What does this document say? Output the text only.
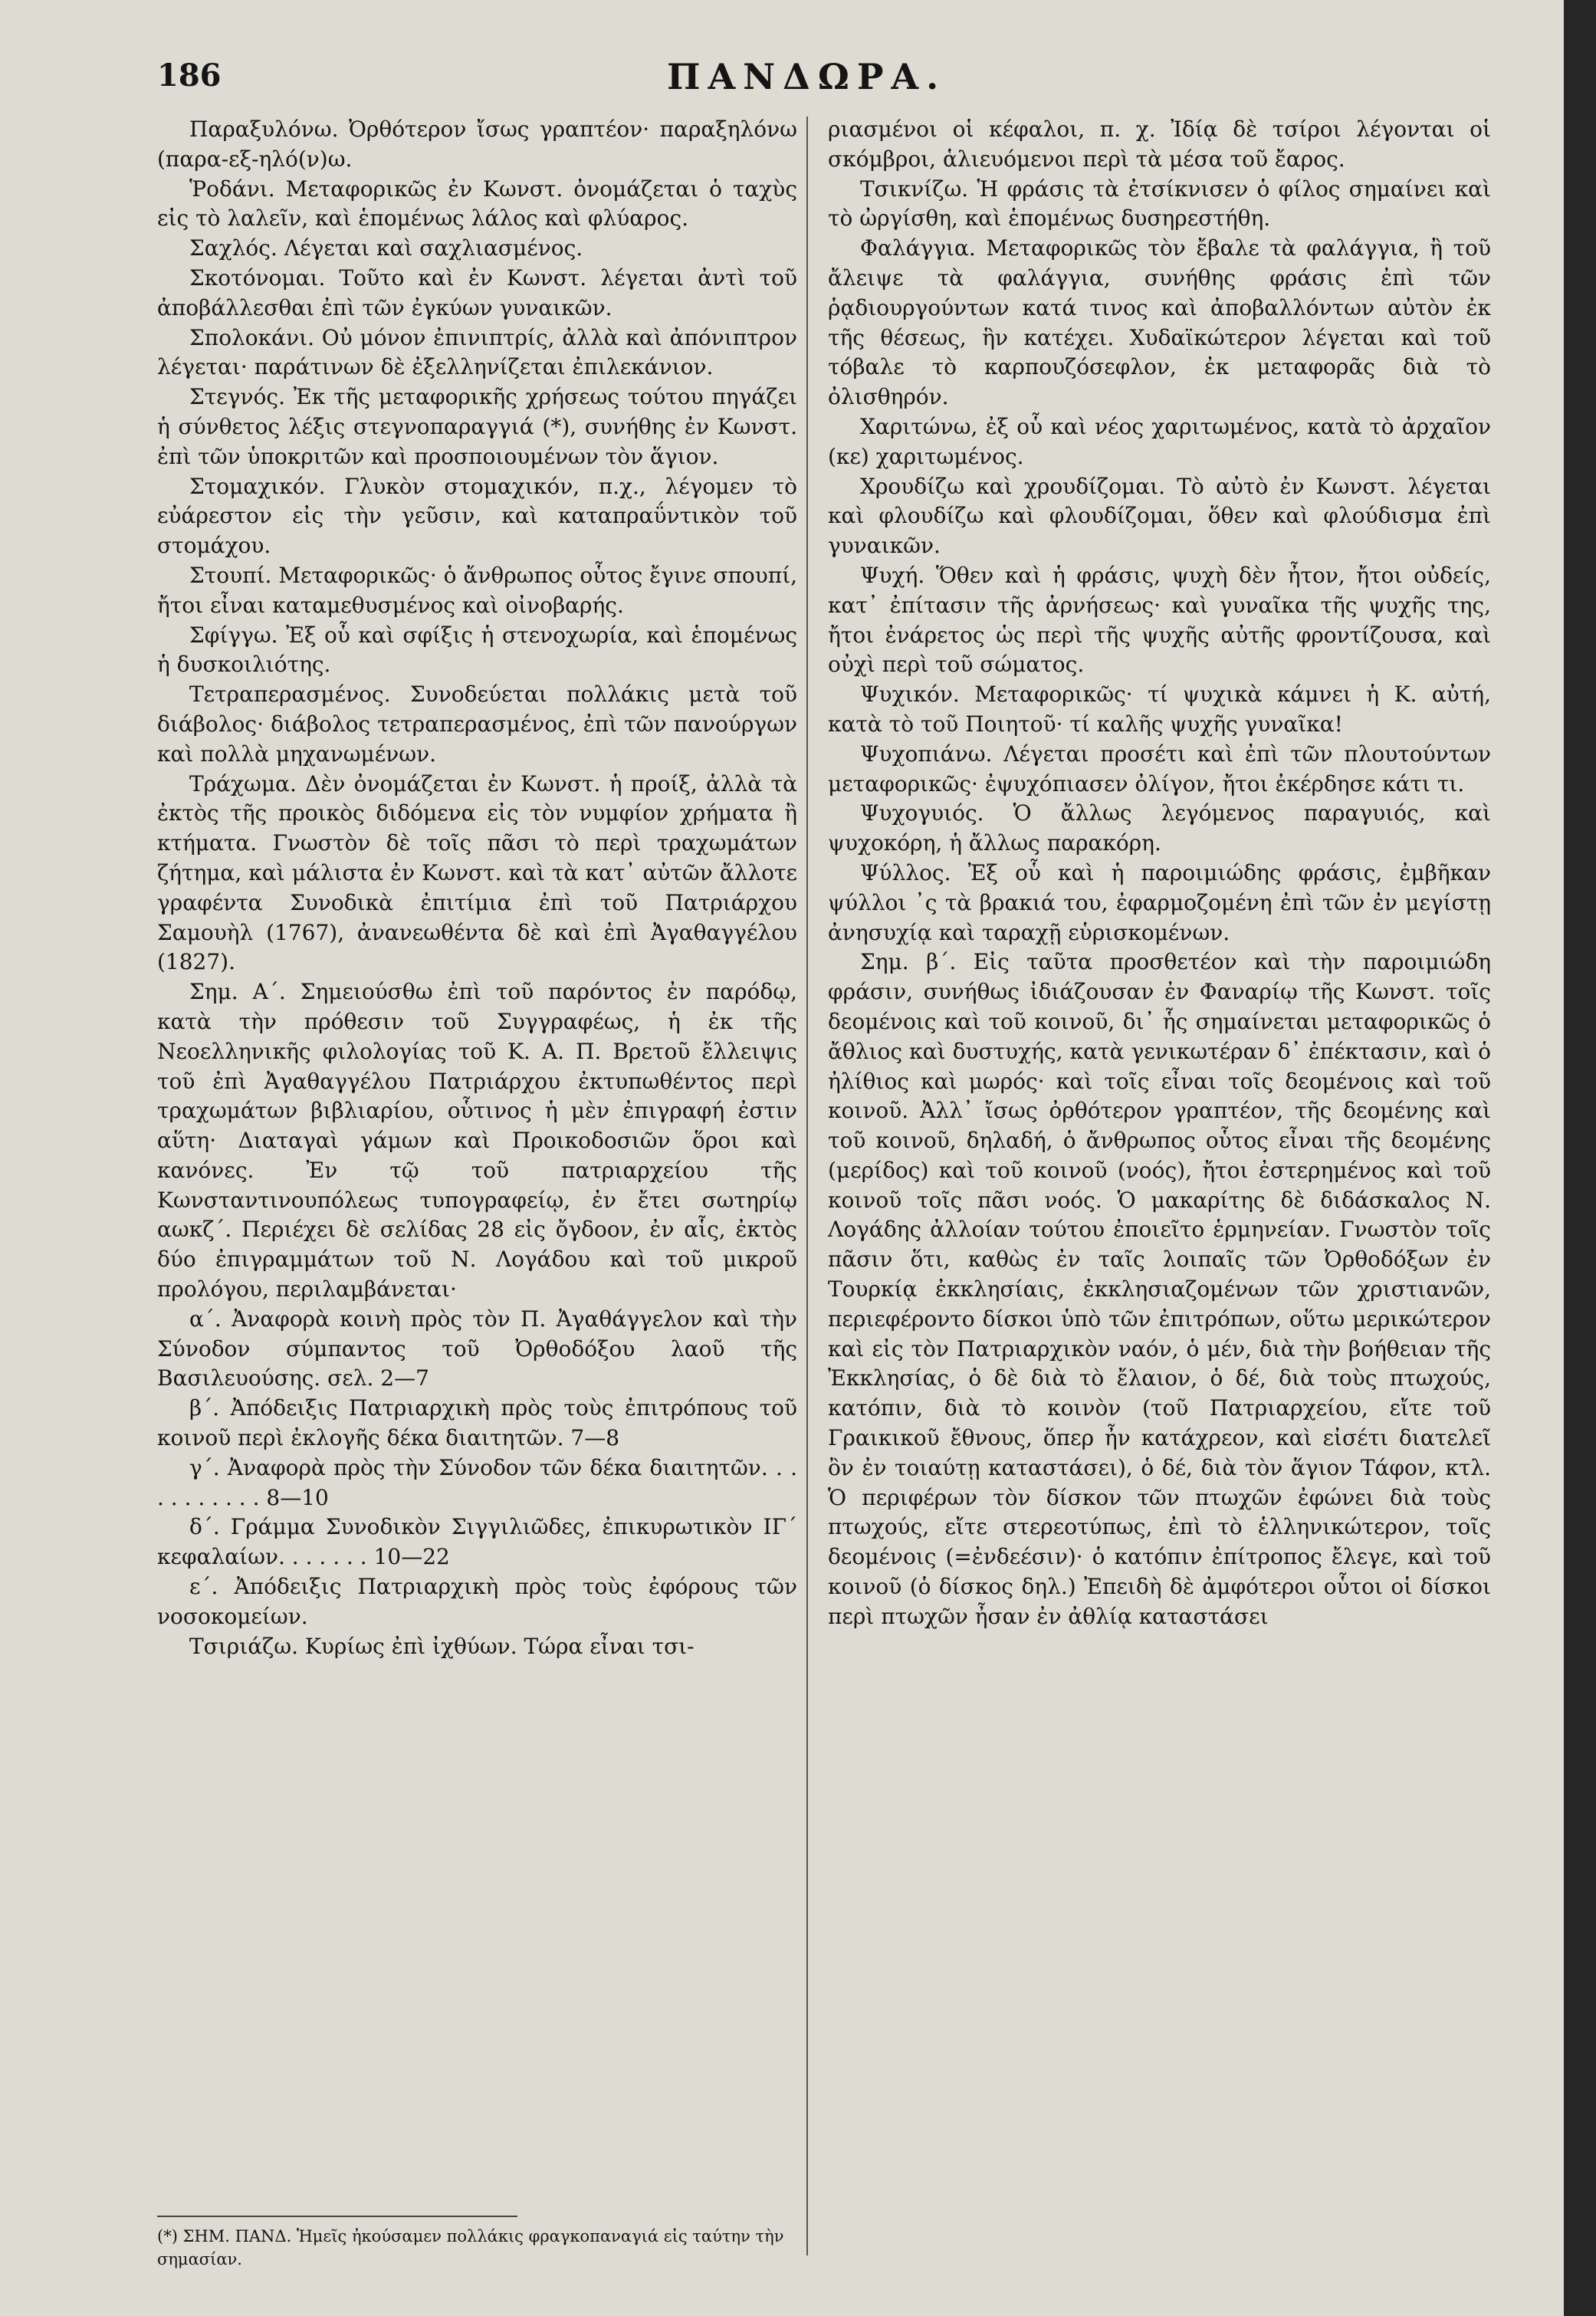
186	ΠΑΝΔΩΡΑ.

Παραξυλόνω. Ὀρθότερον ἴσως γραπτέον· παραξηλόνω (παρα-εξ-ηλό(ν)ω.

Ῥοδάνι. Μεταφορικῶς ἐν Κωνστ. ὀνομάζεται ὁ ταχὺς εἰς τὸ λαλεῖν, καὶ ἑπομένως λάλος καὶ φλύαρος.

Σαχλός. Λέγεται καὶ σαχλιασμένος.

Σκοτόνομαι. Τοῦτο καὶ ἐν Κωνστ. λέγεται ἀντὶ τοῦ ἀποβάλλεσθαι ἐπὶ τῶν ἐγκύων γυναικῶν.

Σπολοκάνι. Οὐ μόνον ἐπινιπτρίς, ἀλλὰ καὶ ἀπόνιπτρον λέγεται· παράτινων δὲ ἐξελληνίζεται ἐπιλεκάνιον.

Στεγνός. Ἐκ τῆς μεταφορικῆς χρήσεως τούτου πηγάζει ἡ σύνθετος λέξις στεγνοπαραγγιά (*), συνήθης ἐν Κωνστ. ἐπὶ τῶν ὑποκριτῶν καὶ προσποιουμένων τὸν ἅγιον.

Στομαχικόν. Γλυκὸν στομαχικόν, π.χ., λέγομεν τὸ εὐάρεστον εἰς τὴν γεῦσιν, καὶ καταπραΰντικὸν τοῦ στομάχου.

Στουπί. Μεταφορικῶς· ὁ ἄνθρωπος οὗτος ἔγινε σπουπί, ἤτοι εἶναι καταμεθυσμένος καὶ οἰνοβαρής.

Σφίγγω. Ἐξ οὗ καὶ σφίξις ἡ στενοχωρία, καὶ ἑπομένως ἡ δυσκοιλιότης.

Τετραπερασμένος. Συνοδεύεται πολλάκις μετὰ τοῦ διάβολος· διάβολος τετραπερασμένος, ἐπὶ τῶν πανούργων καὶ πολλὰ μηχανωμένων.

Τράχωμα. Δὲν ὀνομάζεται ἐν Κωνστ. ἡ προίξ, ἀλλὰ τὰ ἐκτὸς τῆς προικὸς διδόμενα εἰς τὸν νυμφίον χρήματα ἢ κτήματα. Γνωστὸν δὲ τοῖς πᾶσι τὸ περὶ τραχωμάτων ζήτημα, καὶ μάλιστα ἐν Κωνστ. καὶ τὰ κατ᾽ αὐτῶν ἄλλοτε γραφέντα Συνοδικὰ ἐπιτίμια ἐπὶ τοῦ Πατριάρχου Σαμουὴλ (1767), ἀνανεωθέντα δὲ καὶ ἐπὶ Ἀγαθαγγέλου (1827).

Σημ. Α΄. Σημειούσθω ἐπὶ τοῦ παρόντος ἐν παρόδῳ, κατὰ τὴν πρόθεσιν τοῦ Συγγραφέως, ἡ ἐκ τῆς Νεοελληνικῆς φιλολογίας τοῦ Κ. Α. Π. Βρετοῦ ἔλλειψις τοῦ ἐπὶ Ἀγαθαγγέλου Πατριάρχου ἐκτυπωθέντος περὶ τραχωμάτων βιβλιαρίου, οὗτινος ἡ μὲν ἐπιγραφή ἐστιν αὕτη· Διαταγαὶ γάμων καὶ Προικοδοσιῶν ὅροι καὶ κανόνες. Ἐν τῷ τοῦ πατριαρχείου τῆς Κωνσταντινουπόλεως τυπογραφείῳ, ἐν ἔτει σωτηρίῳ αωκζ΄. Περιέχει δὲ σελίδας 28 εἰς ὄγδοον, ἐν αἷς, ἐκτὸς δύο ἐπιγραμμάτων τοῦ Ν. Λογάδου καὶ τοῦ μικροῦ προλόγου, περιλαμβάνεται·

α΄. Ἀναφορὰ κοινὴ πρὸς τὸν Π. Ἀγαθάγγελον καὶ τὴν Σύνοδον σύμπαντος τοῦ Ὀρθοδόξου λαοῦ τῆς Βασιλευούσης. σελ. 2—7

β΄. Ἀπόδειξις Πατριαρχικὴ πρὸς τοὺς ἐπιτρόπους τοῦ κοινοῦ περὶ ἐκλογῆς δέκα διαιτητῶν. 7—8

γ΄. Ἀναφορὰ πρὸς τὴν Σύνοδον τῶν δέκα διαιτητῶν. . . . . . . . . . . 8—10

δ΄. Γράμμα Συνοδικὸν Σιγγιλιῶδες, ἐπικυρωτικὸν ΙΓ΄ κεφαλαίων. . . . . . . 10—22

ε΄. Ἀπόδειξις Πατριαρχικὴ πρὸς τοὺς ἐφόρους τῶν νοσοκομείων.

Τσιριάζω. Κυρίως ἐπὶ ἰχθύων. Τώρα εἶναι τσι-

ριασμένοι οἱ κέφαλοι, π. χ. Ἰδίᾳ δὲ τσίροι λέγονται οἱ σκόμβροι, ἁλιευόμενοι περὶ τὰ μέσα τοῦ ἔαρος.

Τσικνίζω. Ἡ φράσις τὰ ἐτσίκνισεν ὁ φίλος σημαίνει καὶ τὸ ὠργίσθη, καὶ ἑπομένως δυσηρεστήθη.

Φαλάγγια. Μεταφορικῶς τὸν ἔβαλε τὰ φαλάγγια, ἢ τοῦ ἄλειψε τὰ φαλάγγια, συνήθης φράσις ἐπὶ τῶν ῥᾳδιουργούντων κατά τινος καὶ ἀποβαλλόντων αὐτὸν ἐκ τῆς θέσεως, ἣν κατέχει. Χυδαϊκώτερον λέγεται καὶ τοῦ τόβαλε τὸ καρπουζόσεφλον, ἐκ μεταφορᾶς διὰ τὸ ὀλισθηρόν.

Χαριτώνω, ἐξ οὗ καὶ νέος χαριτωμένος, κατὰ τὸ ἀρχαῖον (κε) χαριτωμένος.

Χρουδίζω καὶ χρουδίζομαι. Τὸ αὐτὸ ἐν Κωνστ. λέγεται καὶ φλουδίζω καὶ φλουδίζομαι, ὅθεν καὶ φλούδισμα ἐπὶ γυναικῶν.

Ψυχή. Ὅθεν καὶ ἡ φράσις, ψυχὴ δὲν ἦτον, ἤτοι οὐδείς, κατ᾽ ἐπίτασιν τῆς ἀρνήσεως· καὶ γυναῖκα τῆς ψυχῆς της, ἤτοι ἐνάρετος ὡς περὶ τῆς ψυχῆς αὐτῆς φροντίζουσα, καὶ οὐχὶ περὶ τοῦ σώματος.

Ψυχικόν. Μεταφορικῶς· τί ψυχικὰ κάμνει ἡ Κ. αὐτή, κατὰ τὸ τοῦ Ποιητοῦ· τί καλῆς ψυχῆς γυναῖκα!

Ψυχοπιάνω. Λέγεται προσέτι καὶ ἐπὶ τῶν πλουτούντων μεταφορικῶς· ἐψυχόπιασεν ὀλίγον, ἤτοι ἐκέρδησε κάτι τι.

Ψυχογυιός. Ὁ ἄλλως λεγόμενος παραγυιός, καὶ ψυχοκόρη, ἡ ἄλλως παρακόρη.

Ψύλλος. Ἐξ οὗ καὶ ἡ παροιμιώδης φράσις, ἐμβῆκαν ψύλλοι ᾽ς τὰ βρακιά του, ἐφαρμοζομένη ἐπὶ τῶν ἐν μεγίστῃ ἀνησυχίᾳ καὶ ταραχῇ εὑρισκομένων.

Σημ. β΄. Εἰς ταῦτα προσθετέον καὶ τὴν παροιμιώδη φράσιν, συνήθως ἰδιάζουσαν ἐν Φαναρίῳ τῆς Κωνστ. τοῖς δεομένοις καὶ τοῦ κοινοῦ, δι᾽ ἧς σημαίνεται μεταφορικῶς ὁ ἄθλιος καὶ δυστυχής, κατὰ γενικωτέραν δ᾽ ἐπέκτασιν, καὶ ὁ ἠλίθιος καὶ μωρός· καὶ τοῖς εἶναι τοῖς δεομένοις καὶ τοῦ κοινοῦ. Ἀλλ᾽ ἴσως ὀρθότερον γραπτέον, τῆς δεομένης καὶ τοῦ κοινοῦ, δηλαδή, ὁ ἄνθρωπος οὗτος εἶναι τῆς δεομένης (μερίδος) καὶ τοῦ κοινοῦ (νοός), ἤτοι ἐστερημένος καὶ τοῦ κοινοῦ τοῖς πᾶσι νοός. Ὁ μακαρίτης δὲ διδάσκαλος Ν. Λογάδης ἀλλοίαν τούτου ἐποιεῖτο ἑρμηνείαν. Γνωστὸν τοῖς πᾶσιν ὅτι, καθὼς ἐν ταῖς λοιπαῖς τῶν Ὀρθοδόξων ἐν Τουρκίᾳ ἐκκλησίαις, ἐκκλησιαζομένων τῶν χριστιανῶν, περιεφέροντο δίσκοι ὑπὸ τῶν ἐπιτρόπων, οὕτω μερικώτερον καὶ εἰς τὸν Πατριαρχικὸν ναόν, ὁ μέν, διὰ τὴν βοήθειαν τῆς Ἐκκλησίας, ὁ δὲ διὰ τὸ ἔλαιον, ὁ δέ, διὰ τοὺς πτωχούς, κατόπιν, διὰ τὸ κοινὸν (τοῦ Πατριαρχείου, εἴτε τοῦ Γραικικοῦ ἔθνους, ὅπερ ἦν κατάχρεον, καὶ εἰσέτι διατελεῖ ὂν ἐν τοιαύτῃ καταστάσει), ὁ δέ, διὰ τὸν ἅγιον Τάφον, κτλ. Ὁ περιφέρων τὸν δίσκον τῶν πτωχῶν ἐφώνει διὰ τοὺς πτωχούς, εἴτε στερεοτύπως, ἐπὶ τὸ ἑλληνικώτερον, τοῖς δεομένοις (=ἐνδεέσιν)· ὁ κατόπιν ἐπίτροπος ἔλεγε, καὶ τοῦ κοινοῦ (ὁ δίσκος δηλ.) Ἐπειδὴ δὲ ἀμφότεροι οὗτοι οἱ δίσκοι περὶ πτωχῶν ἦσαν ἐν ἀθλίᾳ καταστάσει

(*) ΣΗΜ. ΠΑΝΔ. Ἡμεῖς ἠκούσαμεν πολλάκις φραγκοπαναγιά εἰς ταύτην τὴν σημασίαν.
